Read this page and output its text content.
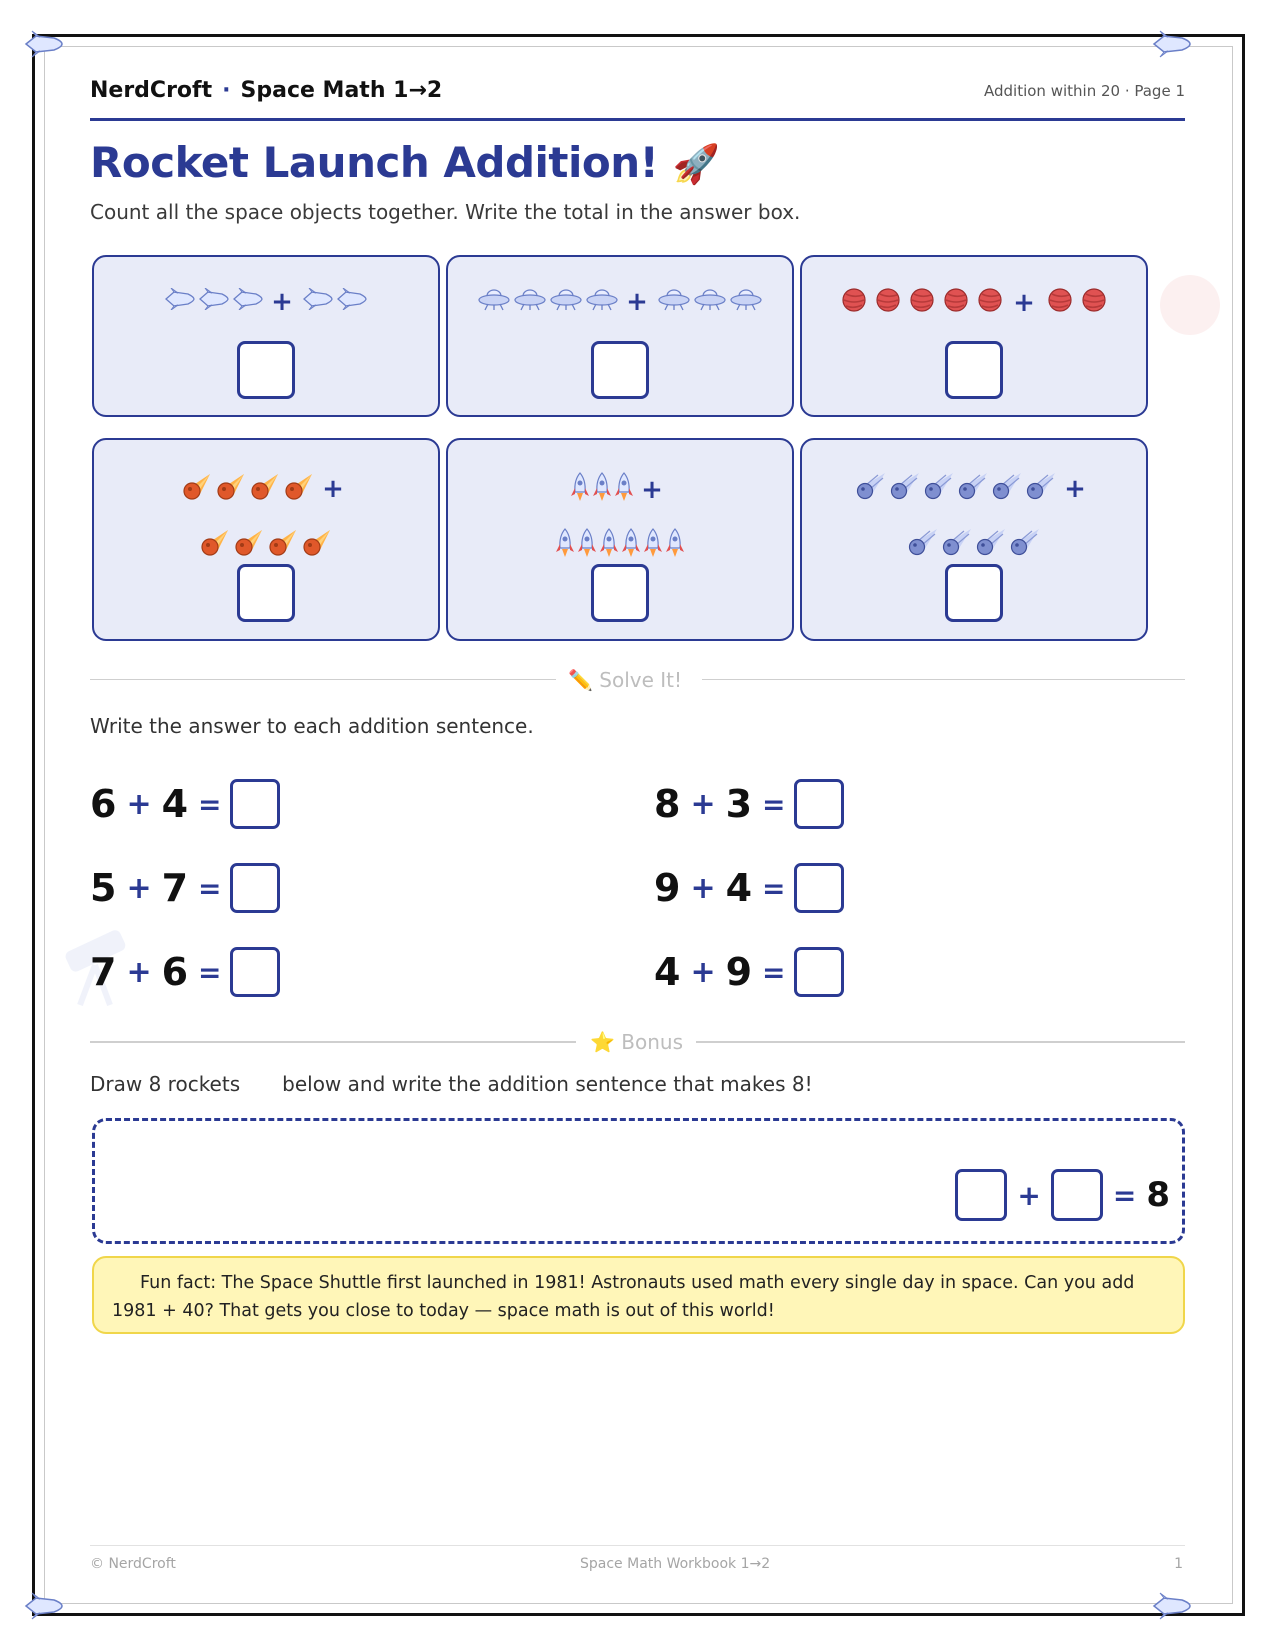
NerdCroft · Space Math 1→2	Addition within 20 · Page 1
Rocket Launch Addition! 🚀
Count all the space objects together. Write the total in the answer box.
+	+	+
+	+	+
✏️ Solve It!
Write the answer to each addition sentence.
6 + 4 =	8 + 3 =
5 + 7 =	9 + 4 =
7 + 6 =	4 + 9 =
⭐ Bonus
Draw 8 rockets below and write the addition sentence that makes 8!
+	= 8
Fun fact: The Space Shuttle first launched in 1981! Astronauts used math every single day in space. Can you add
1981 + 40? That gets you close to today — space math is out of this world!
© NerdCroft	Space Math Workbook 1→2	1
